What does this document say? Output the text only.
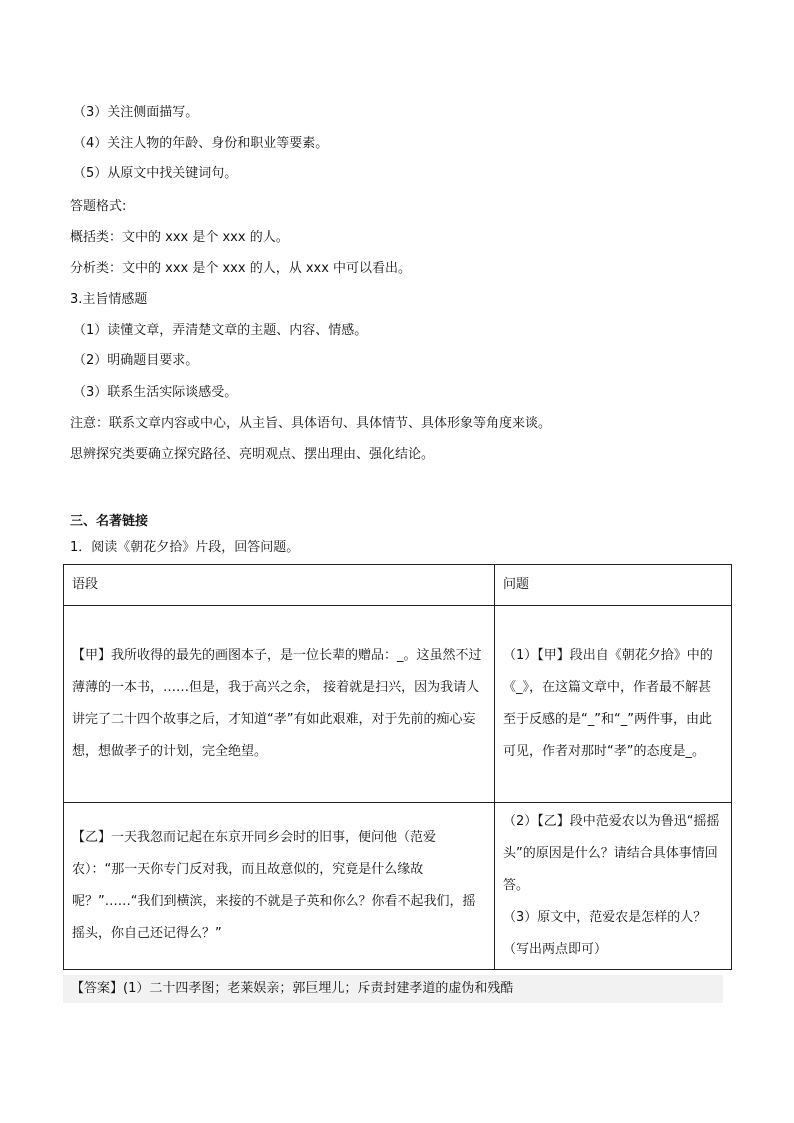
（3）关注侧面描写。
（4）关注人物的年龄、身份和职业等要素。
（5）从原文中找关键词句。
答题格式:
概括类：文中的 xxx 是个 xxx 的人。
分析类：文中的 xxx 是个 xxx 的人，从 xxx 中可以看出。
3.主旨情感题
（1）读懂文章，弄清楚文章的主题、内容、情感。
（2）明确题目要求。
（3）联系生活实际谈感受。
注意：联系文章内容或中心，从主旨、具体语句、具体情节、具体形象等角度来谈。
思辨探究类要确立探究路径、亮明观点、摆出理由、强化结论。
三、名著链接
1．阅读《朝花夕拾》片段，回答问题。
语段	问题
【甲】我所收得的最先的画图本子，是一位长辈的赠品：_。这虽然不过薄薄的一本书，……但是，我于高兴之余， 接着就是扫兴，因为我请人讲完了二十四个故事之后，才知道“孝”有如此艰难，对于先前的痴心妄想，想做孝子的计划，完全绝望。	（1）【甲】段出自《朝花夕拾》中的《_》，在这篇文章中，作者最不解甚至于反感的是“_”和“_”两件事，由此可见，作者对那时“孝”的态度是_。
【乙】一天我忽而记起在东京开同乡会时的旧事，便问他（范爱农）：“那一天你专门反对我，而且故意似的，究竟是什么缘故呢？”……“我们到横滨，来接的不就是子英和你么？你看不起我们，摇摇头，你自己还记得么？”	（2）【乙】段中范爱农以为鲁迅“摇摇头”的原因是什么？请结合具体事情回答。
（3）原文中，范爱农是怎样的人？（写出两点即可）
【答案】(1）二十四孝图；老莱娱亲；郭巨埋儿；斥责封建孝道的虚伪和残酷
